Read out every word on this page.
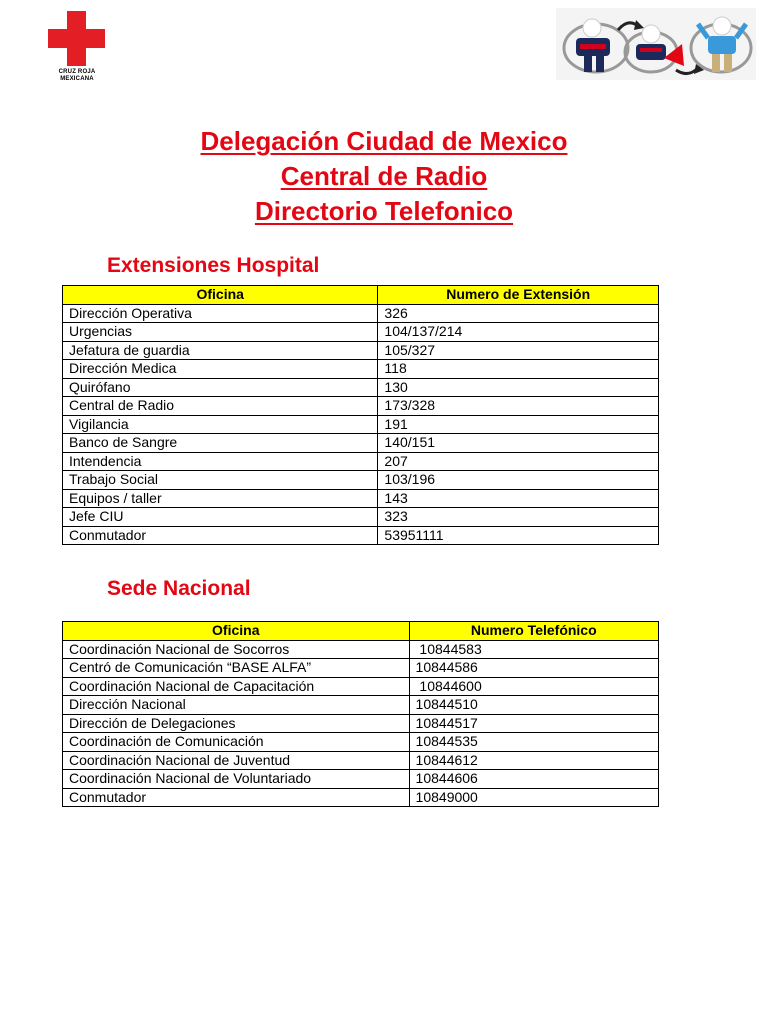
CRUZ ROJA
MEXICANA
Delegación Ciudad de Mexico
Central de Radio
Directorio Telefonico
Extensiones Hospital
Oficina	Numero de Extensión
Dirección Operativa	326
Urgencias	104/137/214
Jefatura de guardia	105/327
Dirección Medica	118
Quirófano	130
Central de Radio	173/328
Vigilancia	191
Banco de Sangre	140/151
Intendencia	207
Trabajo Social	103/196
Equipos / taller	143
Jefe CIU	323
Conmutador	53951111
Sede Nacional
Oficina	Numero Telefónico
Coordinación Nacional de Socorros	10844583
Centró de Comunicación “BASE ALFA”	10844586
Coordinación Nacional de Capacitación	10844600
Dirección Nacional	10844510
Dirección de Delegaciones	10844517
Coordinación de Comunicación	10844535
Coordinación Nacional de Juventud	10844612
Coordinación Nacional de Voluntariado	10844606
Conmutador	10849000
